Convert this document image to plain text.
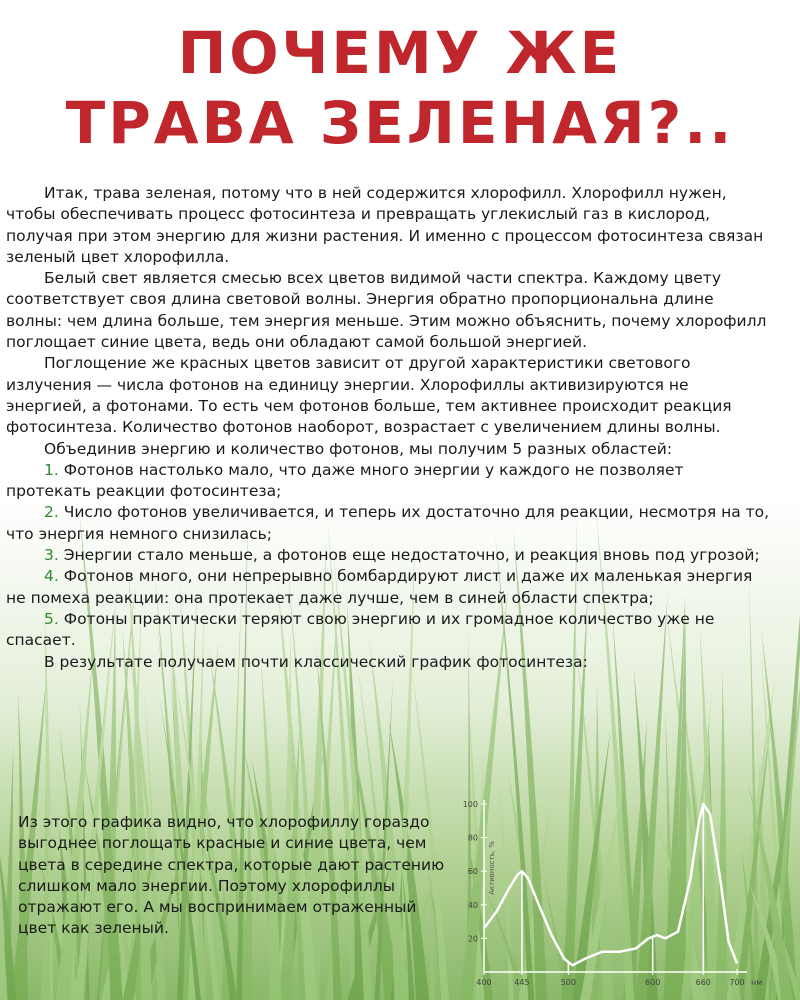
ПОЧЕМУ ЖЕ
ТРАВА ЗЕЛЕНАЯ?..

Итак, трава зеленая, потому что в ней содержится хлорофилл. Хлорофилл нужен, чтобы обеспечивать процесс фотосинтеза и превращать углекислый газ в кислород, получая при этом энергию для жизни растения. И именно с процессом фотосинтеза связан зеленый цвет хлорофилла.

Белый свет является смесью всех цветов видимой части спектра. Каждому цвету соответствует своя длина световой волны. Энергия обратно пропорциональна длине волны: чем длина больше, тем энергия меньше. Этим можно объяснить, почему хлорофилл поглощает синие цвета, ведь они обладают самой большой энергией.

Поглощение же красных цветов зависит от другой характеристики светового излучения — числа фотонов на единицу энергии. Хлорофиллы активизируются не энергией, а фотонами. То есть чем фотонов больше, тем активнее происходит реакция фотосинтеза. Количество фотонов наоборот, возрастает с увеличением длины волны.

Объединив энергию и количество фотонов, мы получим 5 разных областей:

1. Фотонов настолько мало, что даже много энергии у каждого не позволяет протекать реакции фотосинтеза;

2. Число фотонов увеличивается, и теперь их достаточно для реакции, несмотря на то, что энергия немного снизилась;

3. Энергии стало меньше, а фотонов еще недостаточно, и реакция вновь под угрозой;

4. Фотонов много, они непрерывно бомбардируют лист и даже их маленькая энергия не помеха реакции: она протекает даже лучше, чем в синей области спектра;

5. Фотоны практически теряют свою энергию и их громадное количество уже не спасает.

В результате получаем почти классический график фотосинтеза:

Из этого графика видно, что хлорофиллу гораздо выгоднее поглощать красные и синие цвета, чем цвета в середине спектра, которые дают растению слишком мало энергии. Поэтому хлорофиллы отражают его. А мы воспринимаем отраженный цвет как зеленый.
20
40
60
80
100
400	445	500	600	660 700 нм
Активность, %
